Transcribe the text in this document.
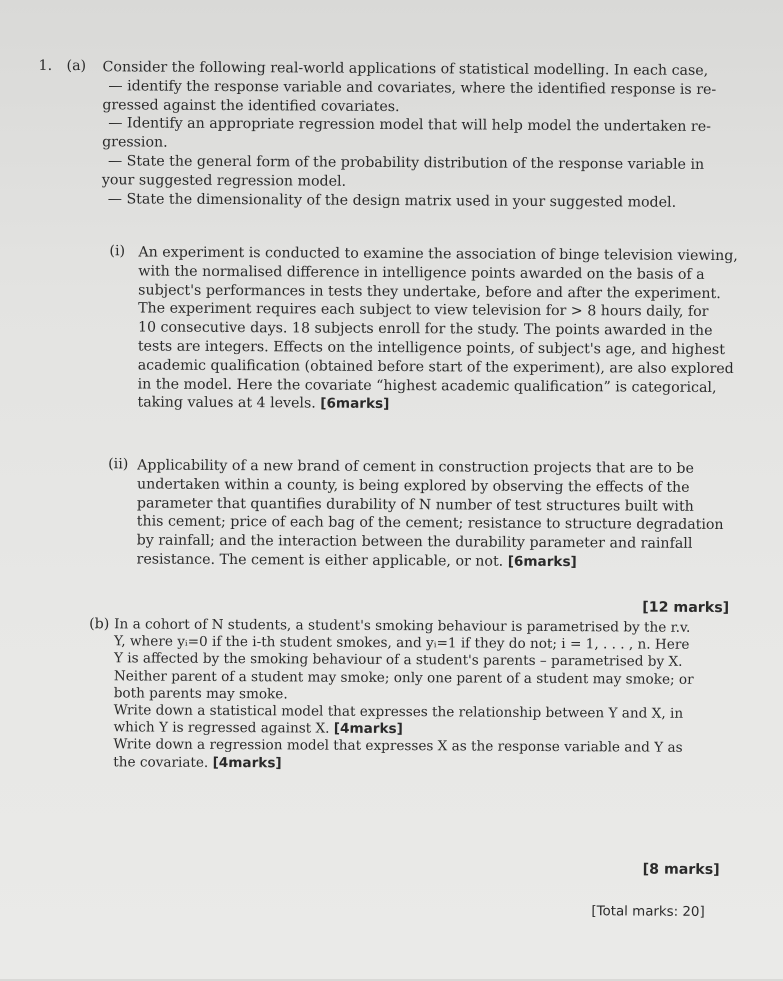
1. (a) Consider the following real-world applications of statistical modelling. In each case,
— identify the response variable and covariates, where the identified response is re-
gressed against the identified covariates.
— Identify an appropriate regression model that will help model the undertaken re-
gression.
— State the general form of the probability distribution of the response variable in
your suggested regression model.
— State the dimensionality of the design matrix used in your suggested model.
(i) An experiment is conducted to examine the association of binge television viewing,
with the normalised difference in intelligence points awarded on the basis of a
subject's performances in tests they undertake, before and after the experiment.
The experiment requires each subject to view television for > 8 hours daily, for
10 consecutive days. 18 subjects enroll for the study. The points awarded in the
tests are integers. Effects on the intelligence points, of subject's age, and highest
academic qualification (obtained before start of the experiment), are also explored
in the model. Here the covariate “highest academic qualification” is categorical,
taking values at 4 levels. [6marks]
(ii) Applicability of a new brand of cement in construction projects that are to be
undertaken within a county, is being explored by observing the effects of the
parameter that quantifies durability of N number of test structures built with
this cement; price of each bag of the cement; resistance to structure degradation
by rainfall; and the interaction between the durability parameter and rainfall
resistance. The cement is either applicable, or not. [6marks]
[12 marks]
(b) In a cohort of N students, a student's smoking behaviour is parametrised by the r.v.
Y, where yᵢ=0 if the i-th student smokes, and yᵢ=1 if they do not; i = 1, . . . , n. Here
Y is affected by the smoking behaviour of a student's parents – parametrised by X.
Neither parent of a student may smoke; only one parent of a student may smoke; or
both parents may smoke.
Write down a statistical model that expresses the relationship between Y and X, in
which Y is regressed against X. [4marks]
Write down a regression model that expresses X as the response variable and Y as
the covariate. [4marks]
[8 marks]
[Total marks: 20]
